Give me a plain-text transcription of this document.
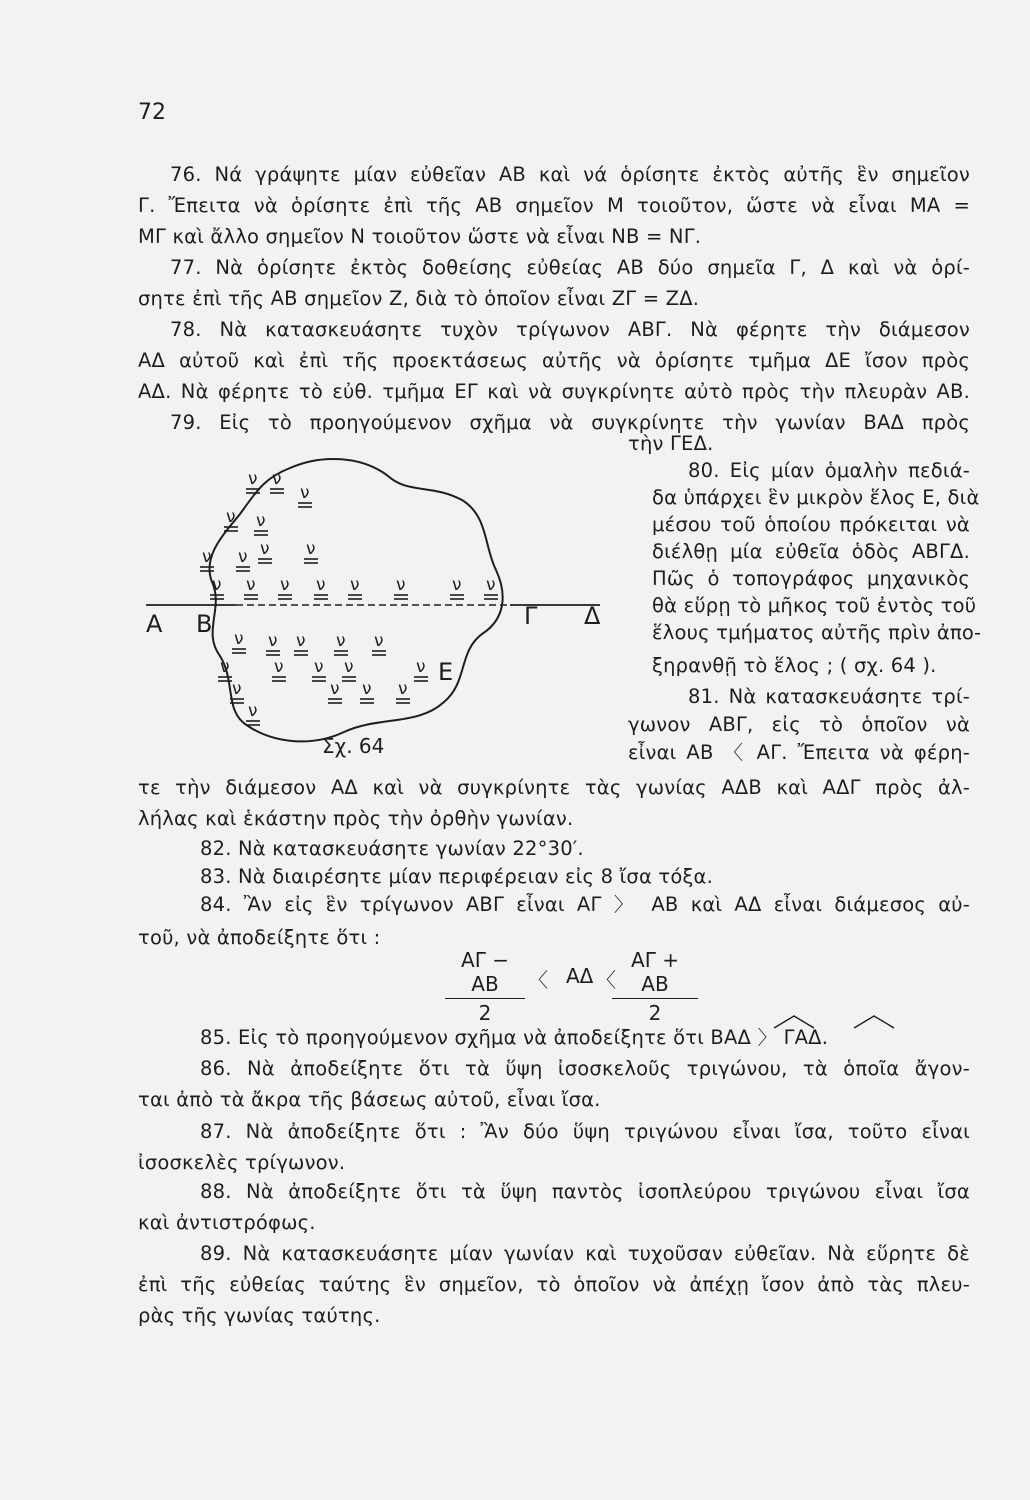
72
76. Νά γράψητε μίαν εὐθεῖαν ΑΒ καὶ νά ὁρίσητε ἐκτὸς αὐτῆς ἓν σημεῖον
Γ. Ἔπειτα νὰ ὁρίσητε ἐπὶ τῆς ΑΒ σημεῖον Μ τοιοῦτον, ὥστε νὰ εἶναι ΜΑ =
ΜΓ καὶ ἄλλο σημεῖον Ν τοιοῦτον ὥστε νὰ εἶναι ΝΒ = ΝΓ.
77. Νὰ ὁρίσητε ἐκτὸς δοθείσης εὐθείας ΑΒ δύο σημεῖα Γ, Δ καὶ νὰ ὁρί-
σητε ἐπὶ τῆς ΑΒ σημεῖον Ζ, διὰ τὸ ὁποῖον εἶναι ΖΓ = ΖΔ.
78. Νὰ κατασκευάσητε τυχὸν τρίγωνον ΑΒΓ. Νὰ φέρητε τὴν διάμεσον
ΑΔ αὐτοῦ καὶ ἐπὶ τῆς προεκτάσεως αὐτῆς νὰ ὁρίσητε τμῆμα ΔΕ ἴσον πρὸς
ΑΔ. Νὰ φέρητε τὸ εὐθ. τμῆμα ΕΓ καὶ νὰ συγκρίνητε αὐτὸ πρὸς τὴν πλευρὰν ΑΒ.
79. Εἰς τὸ προηγούμενον σχῆμα νὰ συγκρίνητε τὴν γωνίαν ΒΑΔ πρὸς
τὴν ΓΕΔ.
80. Εἰς μίαν ὁμαλὴν πεδιά-
δα ὑπάρχει ἓν μικρὸν ἕλος Ε, διὰ
μέσου τοῦ ὁποίου πρόκειται νὰ
διέλθῃ μία εὐθεῖα ὁδὸς ΑΒΓΔ.
Πῶς ὁ τοπογράφος μηχανικὸς
θὰ εὕρῃ τὸ μῆκος τοῦ ἐντὸς τοῦ
ἕλους τμήματος αὐτῆς πρὶν ἀπο-
ξηρανθῇ τὸ ἕλος ; ( σχ. 64 ).
81. Νὰ κατασκευάσητε τρί-
γωνον ΑΒΓ, εἰς τὸ ὁποῖον νὰ
εἶναι ΑΒ 〈 ΑΓ. Ἔπειτα νὰ φέρη-
τε τὴν διάμεσον ΑΔ καὶ νὰ συγκρίνητε τὰς γωνίας ΑΔΒ καὶ ΑΔΓ πρὸς ἀλ-
λήλας καὶ ἑκάστην πρὸς τὴν ὀρθὴν γωνίαν.
82. Νὰ κατασκευάσητε γωνίαν 22°30′.
83. Νὰ διαιρέσητε μίαν περιφέρειαν εἰς 8 ἴσα τόξα.
84. Ἂν εἰς ἓν τρίγωνον ΑΒΓ εἶναι ΑΓ 〉 ΑΒ καὶ ΑΔ εἶναι διάμεσος αὐ-
τοῦ, νὰ ἀποδείξητε ὅτι :
ΑΓ − ΑΒ
2
〈 ΑΔ 〈
ΑΓ + ΑΒ
2
85. Εἰς τὸ προηγούμενον σχῆμα νὰ ἀποδείξητε ὅτι ΒΑΔ 〉 ΓΑΔ.
86. Νὰ ἀποδείξητε ὅτι τὰ ὕψη ἰσοσκελοῦς τριγώνου, τὰ ὁποῖα ἄγον-
ται ἀπὸ τὰ ἄκρα τῆς βάσεως αὐτοῦ, εἶναι ἴσα.
87. Νὰ ἀποδείξητε ὅτι : Ἂν δύο ὕψη τριγώνου εἶναι ἴσα, τοῦτο εἶναι
ἰσοσκελὲς τρίγωνον.
88. Νὰ ἀποδείξητε ὅτι τὰ ὕψη παντὸς ἰσοπλεύρου τριγώνου εἶναι ἴσα
καὶ ἀντιστρόφως.
89. Νὰ κατασκευάσητε μίαν γωνίαν καὶ τυχοῦσαν εὐθεῖαν. Νὰ εὕρητε δὲ
ἐπὶ τῆς εὐθείας ταύτης ἓν σημεῖον, τὸ ὁποῖον νὰ ἀπέχῃ ἴσον ἀπὸ τὰς πλευ-
ρὰς τῆς γωνίας ταύτης.
Α Β	Γ Δ
Ε
Σχ. 64
ν ν
ν
ν ν
ν ν
ν ν
ν ν ν ν ν ν	ν ν
ν ν ν ν ν
ν	ν ν ν	ν
ν	ν ν ν
ν
